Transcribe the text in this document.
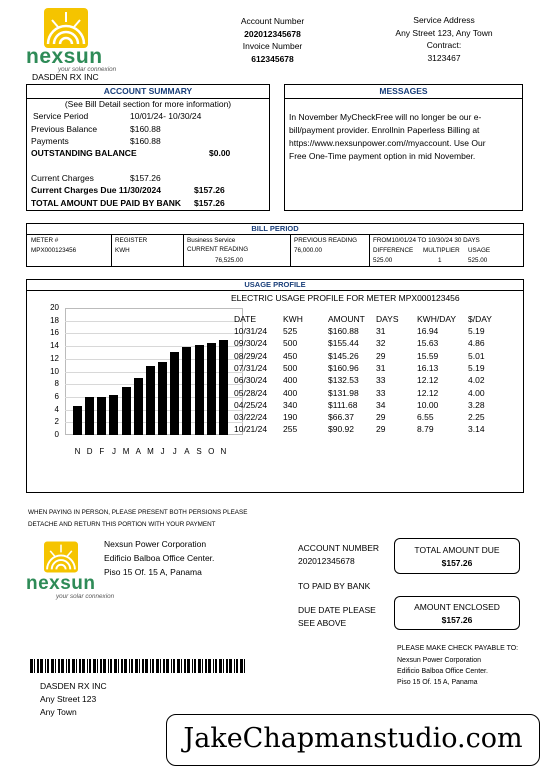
nexsun
your solar connexion
DASDEN RX INC
Account Number
202012345678
Invoice Number
612345678
Service Address
Any Street 123, Any Town
Contract:
3123467
ACCOUNT SUMMARY
(See Bill Detail section for more information)
Service Period	10/01/24- 10/30/24
Previous Balance	$160.88
Payments	$160.88
OUTSTANDING BALANCE	$0.00
Current Charges	$157.26
Current Charges Due 11/30/2024	$157.26
TOTAL AMOUNT DUE PAID BY BANK $157.26
MESSAGES
In November MyCheckFree will no longer be our e-
bill/payment provider. Enrollnin Paperless Billing at
https://www.nexsunpower.com//myaccount. Use Our
Free One-Time payment option in mid November.
BILL PERIOD
METER #
MPX000123456
REGISTER
KWH
Business Service
CURRENT READING
76,525.00
PREVIOUS READING
76,000.00
FROM10/01/24 TO 10/30/24 30 DAYS
DIFFERENCE MULTIPLIER USAGE
525.00	1	525.00
USAGE PROFILE
ELECTRIC USAGE PROFILE FOR METER MPX000123456
20
18
16
14
12
10
8
6
4
2
0
N D F J M A M J	J A S O N
DATE	KWH	AMOUNT DAYS KWH/DAY $/DAY
10/31/24 525	$160.88 31	16.94	5.19
09/30/24 500	$155.44 32	15.63	4.86
08/29/24 450	$145.26 29	15.59	5.01
07/31/24 500	$160.96 31	16.13	5.19
06/30/24 400	$132.53 33	12.12	4.02
05/28/24 400	$131.98 33	12.12	4.00
04/25/24 340	$111.68 34	10.00	3.28
03/22/24 190	$66.37	29	6.55	2.25
10/21/24 255	$90.92	29	8.79	3.14
WHEN PAYING IN PERSON, PLEASE PRESENT BOTH PERSIONS PLEASE
DETACHE AND RETURN THIS PORTION WITH YOUR PAYMENT
nexsun
your solar connexion
Nexsun Power Corporation
Edificio Balboa Office Center.
Piso 15 Of. 15 A, Panama
ACCOUNT NUMBER
202012345678
TO PAID BY BANK
DUE DATE PLEASE
SEE ABOVE
TOTAL AMOUNT DUE
$157.26
AMOUNT ENCLOSED
$157.26
PLEASE MAKE CHECK PAYABLE TO:
Nexsun Power Corporation
Edificio Balboa Office Center.
Piso 15 Of. 15 A, Panama
DASDEN RX INC
Any Street 123
Any Town
JakeChapmanstudio.com
